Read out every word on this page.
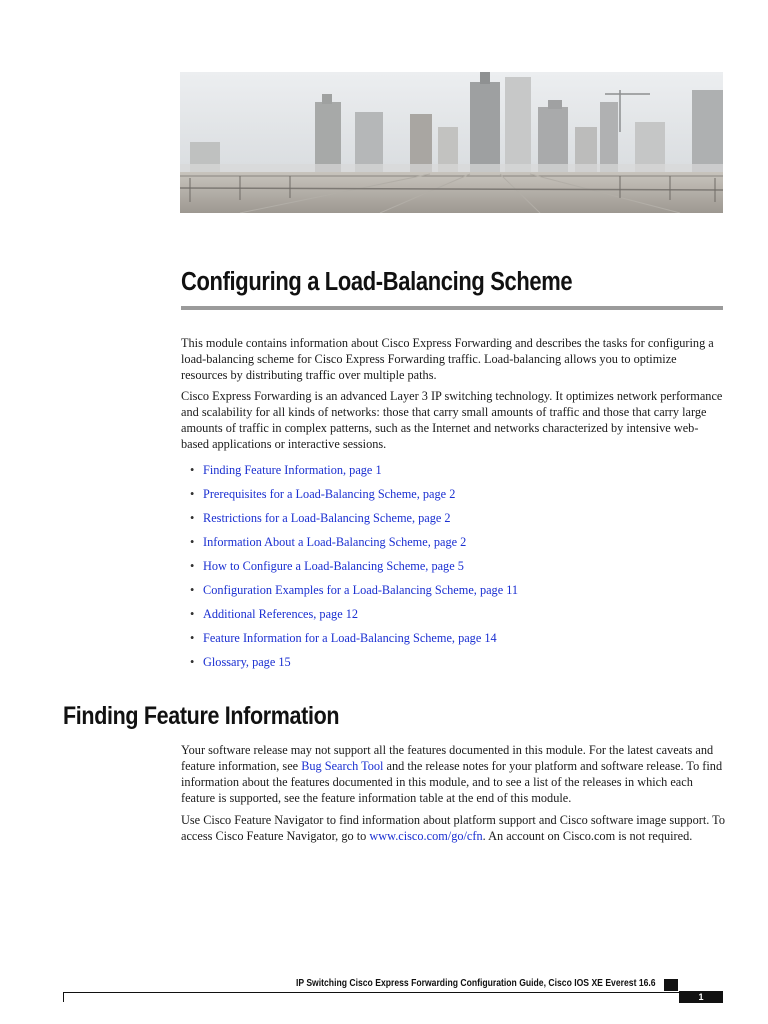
Configuring a Load-Balancing Scheme

This module contains information about Cisco Express Forwarding and describes the tasks for configuring a load-balancing scheme for Cisco Express Forwarding traffic. Load-balancing allows you to optimize resources by distributing traffic over multiple paths.

Cisco Express Forwarding is an advanced Layer 3 IP switching technology. It optimizes network performance and scalability for all kinds of networks: those that carry small amounts of traffic and those that carry large amounts of traffic in complex patterns, such as the Internet and networks characterized by intensive web-based applications or interactive sessions.

• Finding Feature Information, page 1
• Prerequisites for a Load-Balancing Scheme, page 2
• Restrictions for a Load-Balancing Scheme, page 2
• Information About a Load-Balancing Scheme, page 2
• How to Configure a Load-Balancing Scheme, page 5
• Configuration Examples for a Load-Balancing Scheme, page 11
• Additional References, page 12
• Feature Information for a Load-Balancing Scheme, page 14
• Glossary, page 15
Finding Feature Information

Your software release may not support all the features documented in this module. For the latest caveats and feature information, see Bug Search Tool and the release notes for your platform and software release. To find information about the features documented in this module, and to see a list of the releases in which each feature is supported, see the feature information table at the end of this module.

Use Cisco Feature Navigator to find information about platform support and Cisco software image support. To access Cisco Feature Navigator, go to www.cisco.com/go/cfn. An account on Cisco.com is not required.

IP Switching Cisco Express Forwarding Configuration Guide, Cisco IOS XE Everest 16.6
1
